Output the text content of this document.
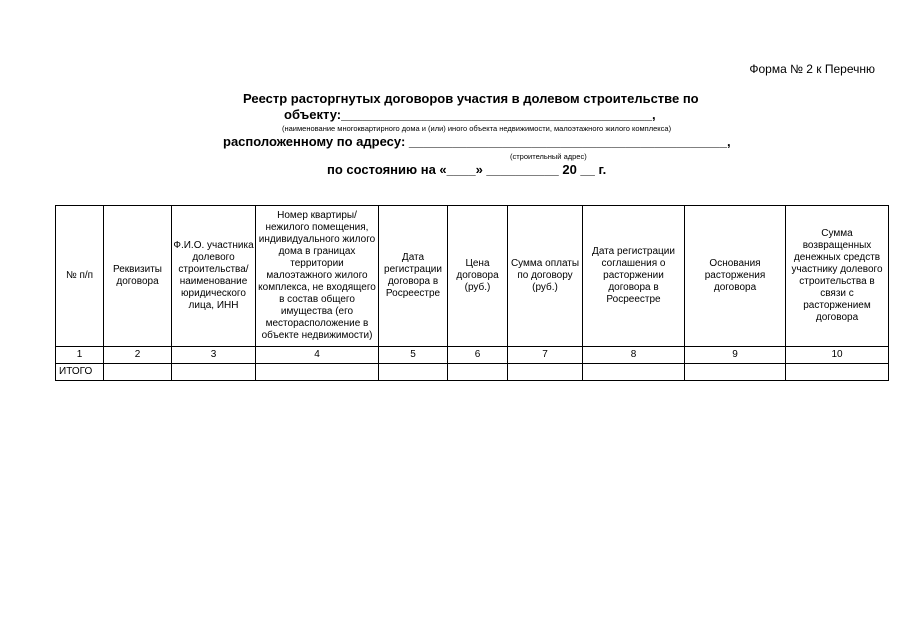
Форма № 2 к Перечню
Реестр расторгнутых договоров участия в долевом строительстве по
объекту:___________________________________________,
(наименование многоквартирного дома и (или) иного объекта недвижимости, малоэтажного жилого комплекса)
расположенному по адресу: ____________________________________________,
(строительный адрес)
по состоянию на «____» __________ 20 __ г.
№ п/п	Реквизиты договора	Ф.И.О. участника долевого строительства/ наименование юридического лица, ИНН	Номер квартиры/ нежилого помещения, индивидуального жилого дома в границах территории малоэтажного жилого комплекса, не входящего в состав общего имущества (его месторасположение в объекте недвижимости)	Дата регистрации договора в Росреестре	Цена договора (руб.)	Сумма оплаты по договору (руб.)	Дата регистрации соглашения о расторжении договора в Росреестре	Основания расторжения договора	Сумма возвращенных денежных средств участнику долевого строительства в связи с расторжением договора
1	2	3	4	5	6	7	8	9	10
ИТОГО									
